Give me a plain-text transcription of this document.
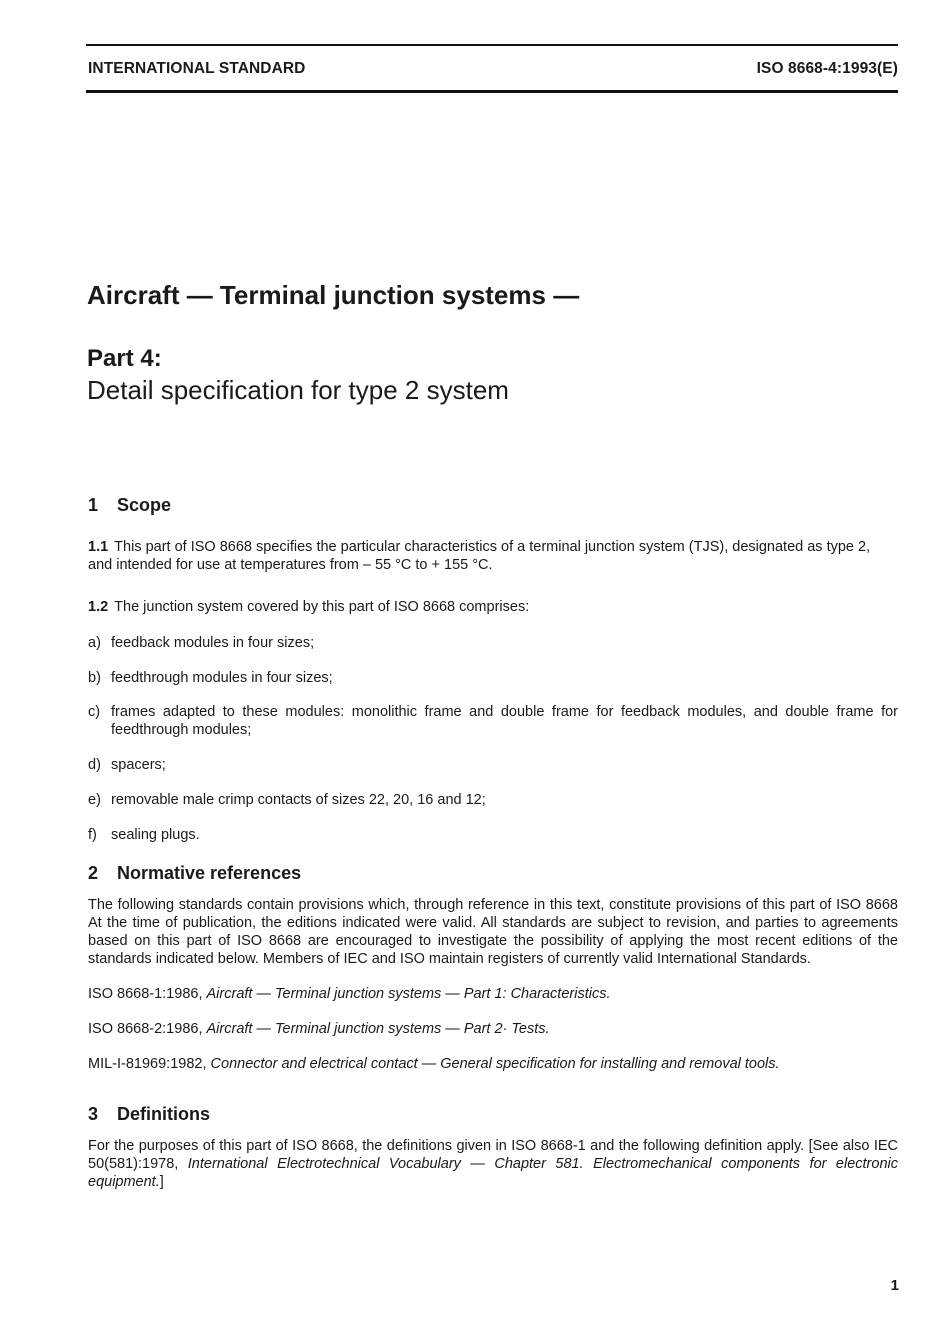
INTERNATIONAL STANDARD	ISO 8668-4:1993(E)
Aircraft — Terminal junction systems —
Part 4:
Detail specification for type 2 system
1 Scope

1.1 This part of ISO 8668 specifies the particular characteristics of a terminal junction system (TJS), designated as type 2, and intended for use at temperatures from – 55 °C to + 155 °C.

1.2 The junction system covered by this part of ISO 8668 comprises:

a) feedback modules in four sizes;
b) feedthrough modules in four sizes;
c) frames adapted to these modules: monolithic frame and double frame for feedback modules, and double frame for feedthrough modules;
d) spacers;
e) removable male crimp contacts of sizes 22, 20, 16 and 12;
f) sealing plugs.
2 Normative references

The following standards contain provisions which, through reference in this text, constitute provisions of this part of ISO 8668 At the time of publication, the editions indicated were valid. All standards are subject to revision, and parties to agreements based on this part of ISO 8668 are encouraged to investigate the possibility of applying the most recent editions of the standards indicated below. Members of IEC and ISO maintain registers of currently valid International Standards.

ISO 8668-1:1986, Aircraft — Terminal junction systems — Part 1: Characteristics.

ISO 8668-2:1986, Aircraft — Terminal junction systems — Part 2· Tests.

MIL-I-81969:1982, Connector and electrical contact — General specification for installing and removal tools.

3 Definitions

For the purposes of this part of ISO 8668, the definitions given in ISO 8668-1 and the following definition apply. [See also IEC 50(581):1978, International Electrotechnical Vocabulary — Chapter 581. Electromechanical components for electronic equipment.]

1
